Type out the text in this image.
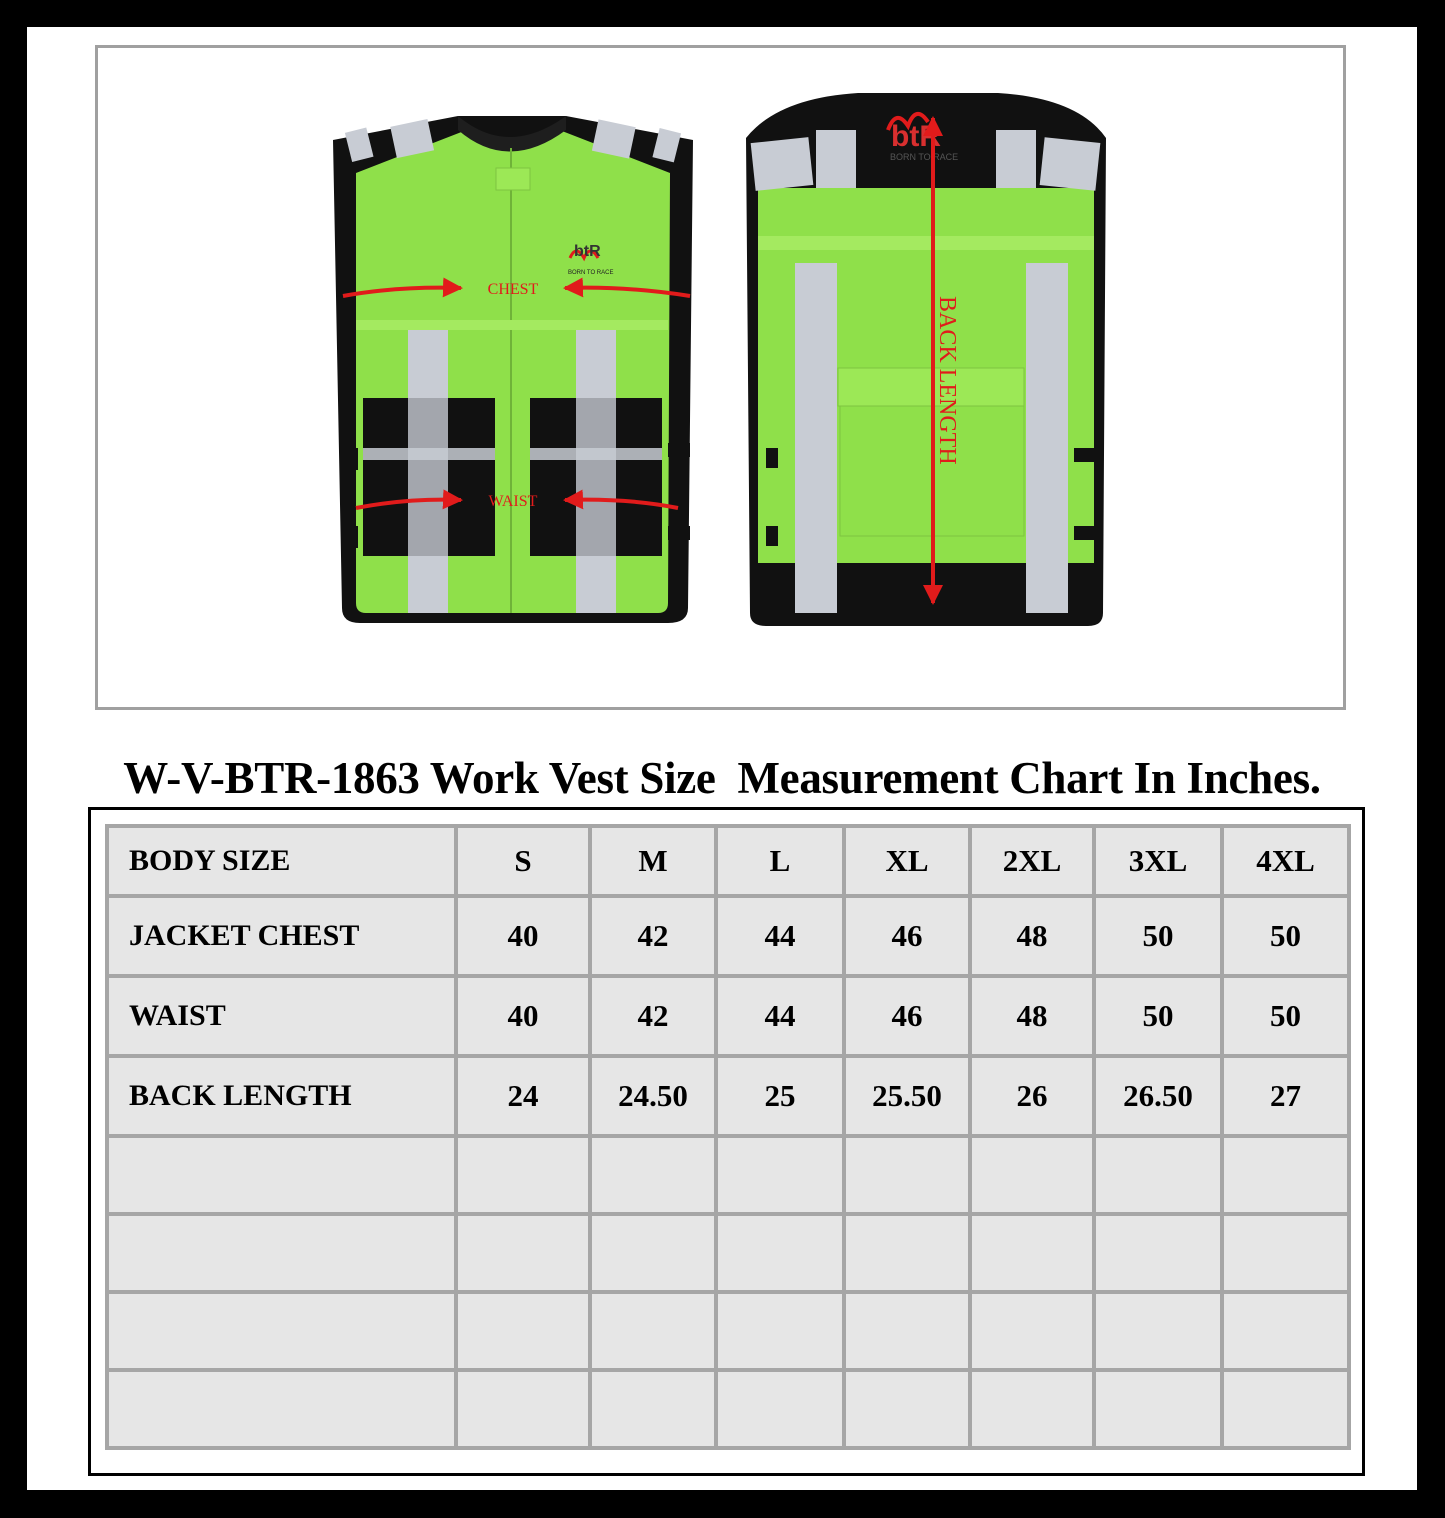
btR
BORN TO RACE
CHEST
WAIST
btR
BORN TO RACE
BACK LENGTH
W-V-BTR-1863 Work Vest Size  Measurement Chart In Inches.
BODY SIZE	S	M	L	XL	2XL	3XL	4XL
JACKET CHEST	40	42	44	46	48	50	50
WAIST	40	42	44	46	48	50	50
BACK LENGTH	24	24.50	25	25.50	26	26.50	27
